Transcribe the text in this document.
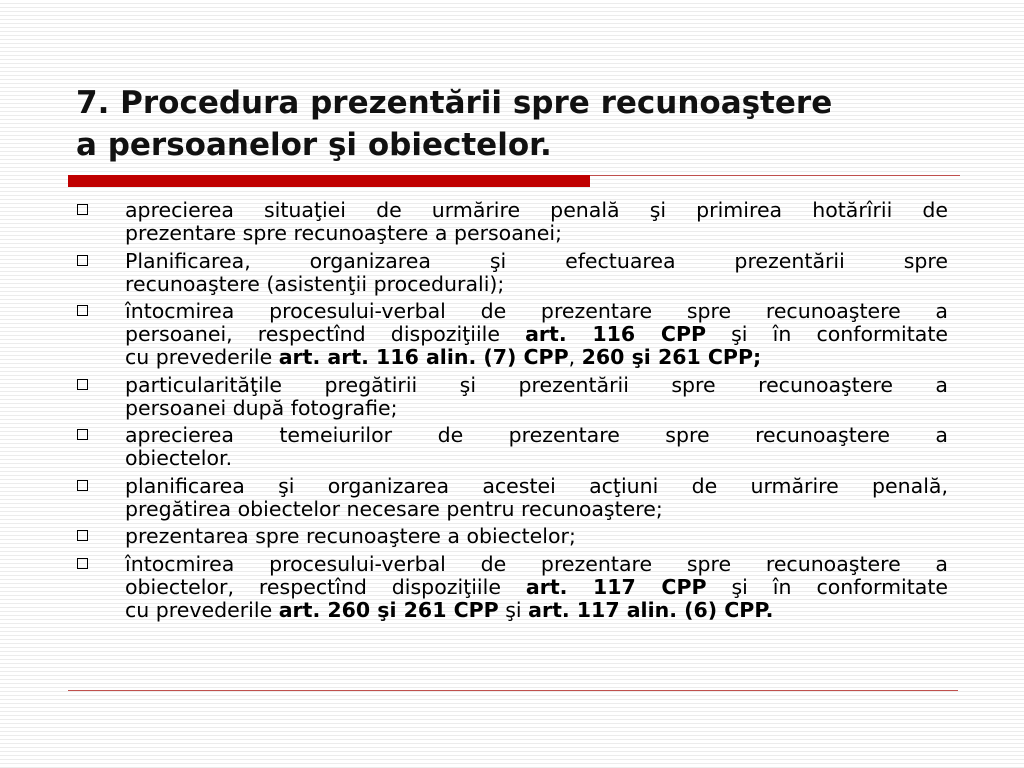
7. Procedura prezentării spre recunoaştere
a persoanelor şi obiectelor.
aprecierea situaţiei de urmărire penală şi primirea hotărîrii de
prezentare spre recunoaştere a persoanei;
Planificarea, organizarea şi efectuarea prezentării spre
recunoaştere (asistenţii procedurali);
întocmirea procesului-verbal de prezentare spre recunoaştere a
persoanei, respectînd dispoziţiile art. 116 CPP şi în conformitate
cu prevederile art. art. 116 alin. (7) CPP, 260 şi 261 CPP;
particularităţile pregătirii şi prezentării spre recunoaştere a
persoanei după fotografie;
aprecierea temeiurilor de prezentare spre recunoaştere a
obiectelor.
planificarea şi organizarea acestei acţiuni de urmărire penală,
pregătirea obiectelor necesare pentru recunoaştere;
prezentarea spre recunoaştere a obiectelor;
întocmirea procesului-verbal de prezentare spre recunoaştere a
obiectelor, respectînd dispoziţiile art. 117 CPP şi în conformitate
cu prevederile art. 260 şi 261 CPP şi art. 117 alin. (6) CPP.
